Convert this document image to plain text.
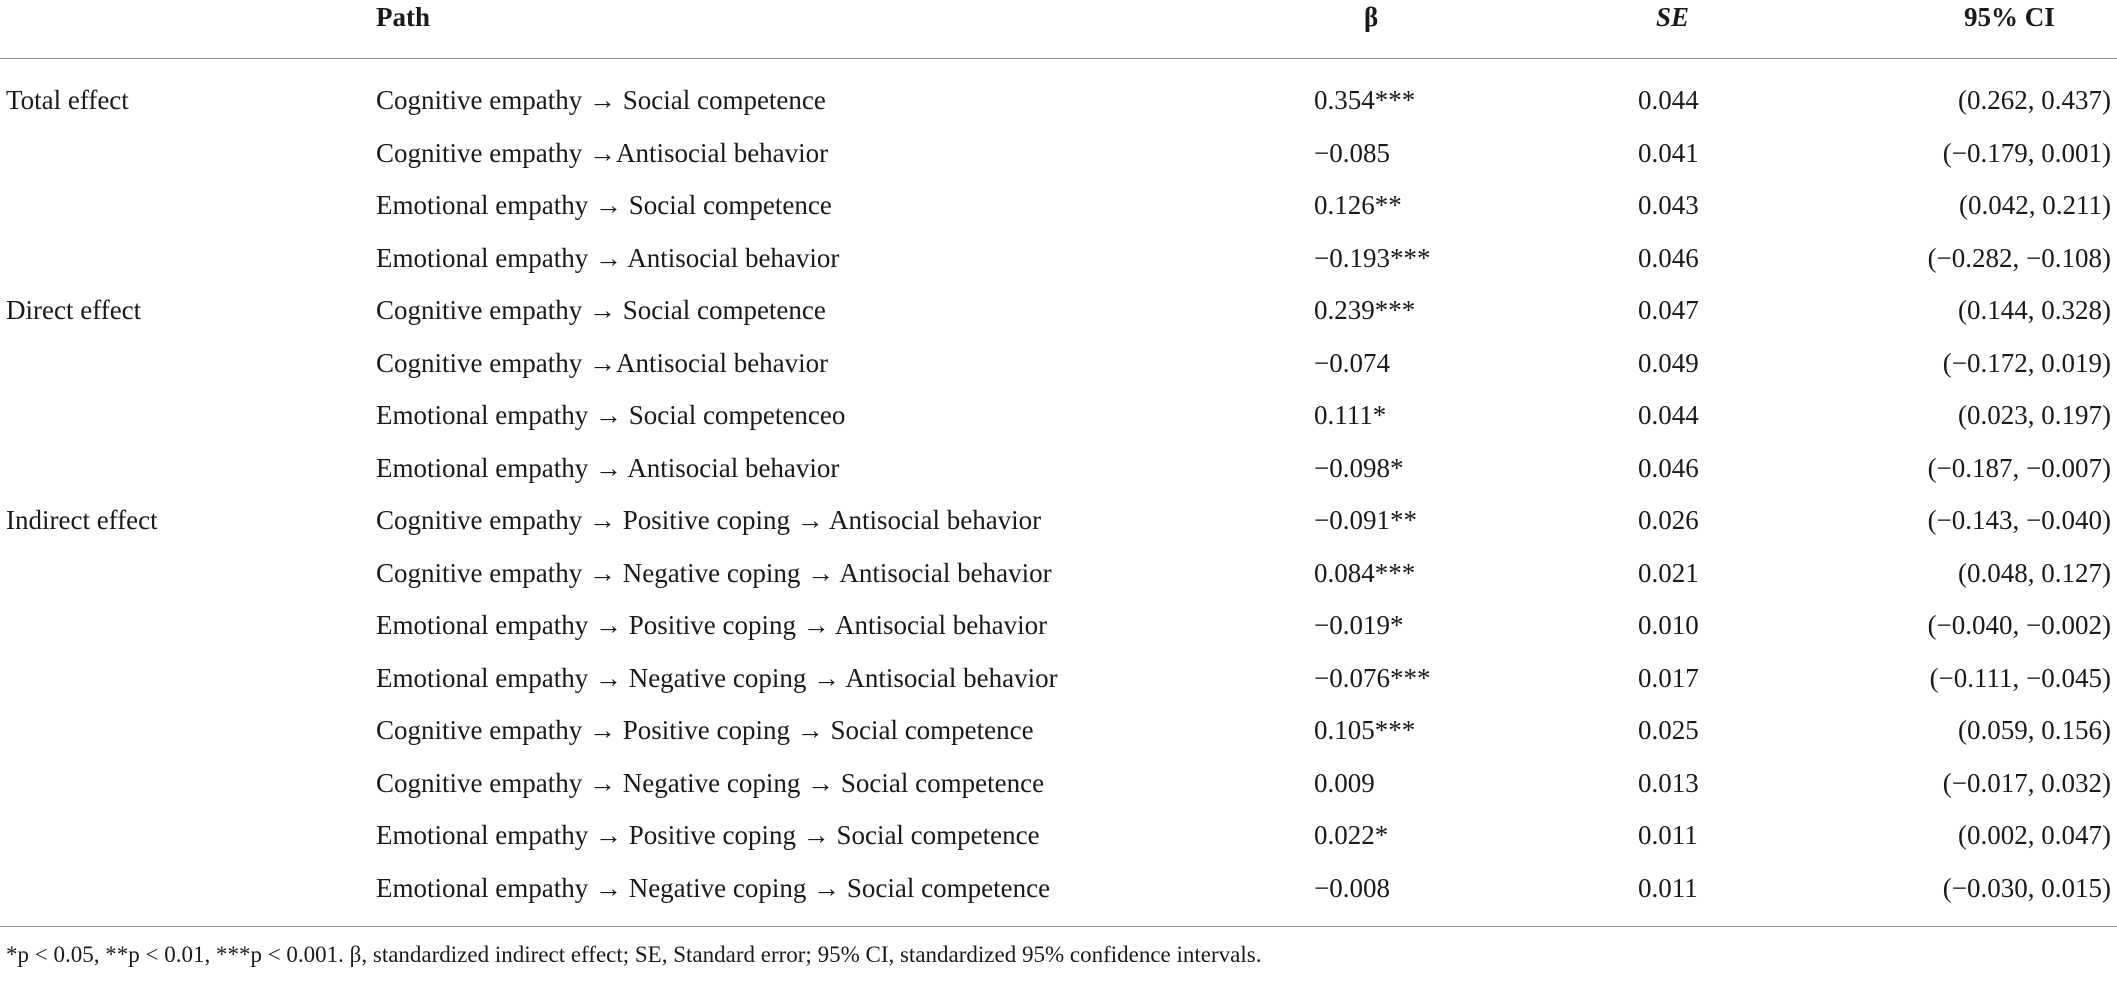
Path	β	SE	95% CI
Total effect	Cognitive empathy → Social competence	0.354***	0.044	(0.262, 0.437)
Cognitive empathy →Antisocial behavior	−0.085	0.041	(−0.179, 0.001)
Emotional empathy → Social competence	0.126**	0.043	(0.042, 0.211)
Emotional empathy → Antisocial behavior	−0.193***	0.046	(−0.282, −0.108)
Direct effect	Cognitive empathy → Social competence	0.239***	0.047	(0.144, 0.328)
Cognitive empathy →Antisocial behavior	−0.074	0.049	(−0.172, 0.019)
Emotional empathy → Social competenceo	0.111*	0.044	(0.023, 0.197)
Emotional empathy → Antisocial behavior	−0.098*	0.046	(−0.187, −0.007)
Indirect effect	Cognitive empathy → Positive coping → Antisocial behavior	−0.091**	0.026	(−0.143, −0.040)
Cognitive empathy → Negative coping → Antisocial behavior	0.084***	0.021	(0.048, 0.127)
Emotional empathy → Positive coping → Antisocial behavior	−0.019*	0.010	(−0.040, −0.002)
Emotional empathy → Negative coping → Antisocial behavior	−0.076***	0.017	(−0.111, −0.045)
Cognitive empathy → Positive coping → Social competence	0.105***	0.025	(0.059, 0.156)
Cognitive empathy → Negative coping → Social competence	0.009	0.013	(−0.017, 0.032)
Emotional empathy → Positive coping → Social competence	0.022*	0.011	(0.002, 0.047)
Emotional empathy → Negative coping → Social competence	−0.008	0.011	(−0.030, 0.015)
*p < 0.05, **p < 0.01, ***p < 0.001. β, standardized indirect effect; SE, Standard error; 95% CI, standardized 95% confidence intervals.
